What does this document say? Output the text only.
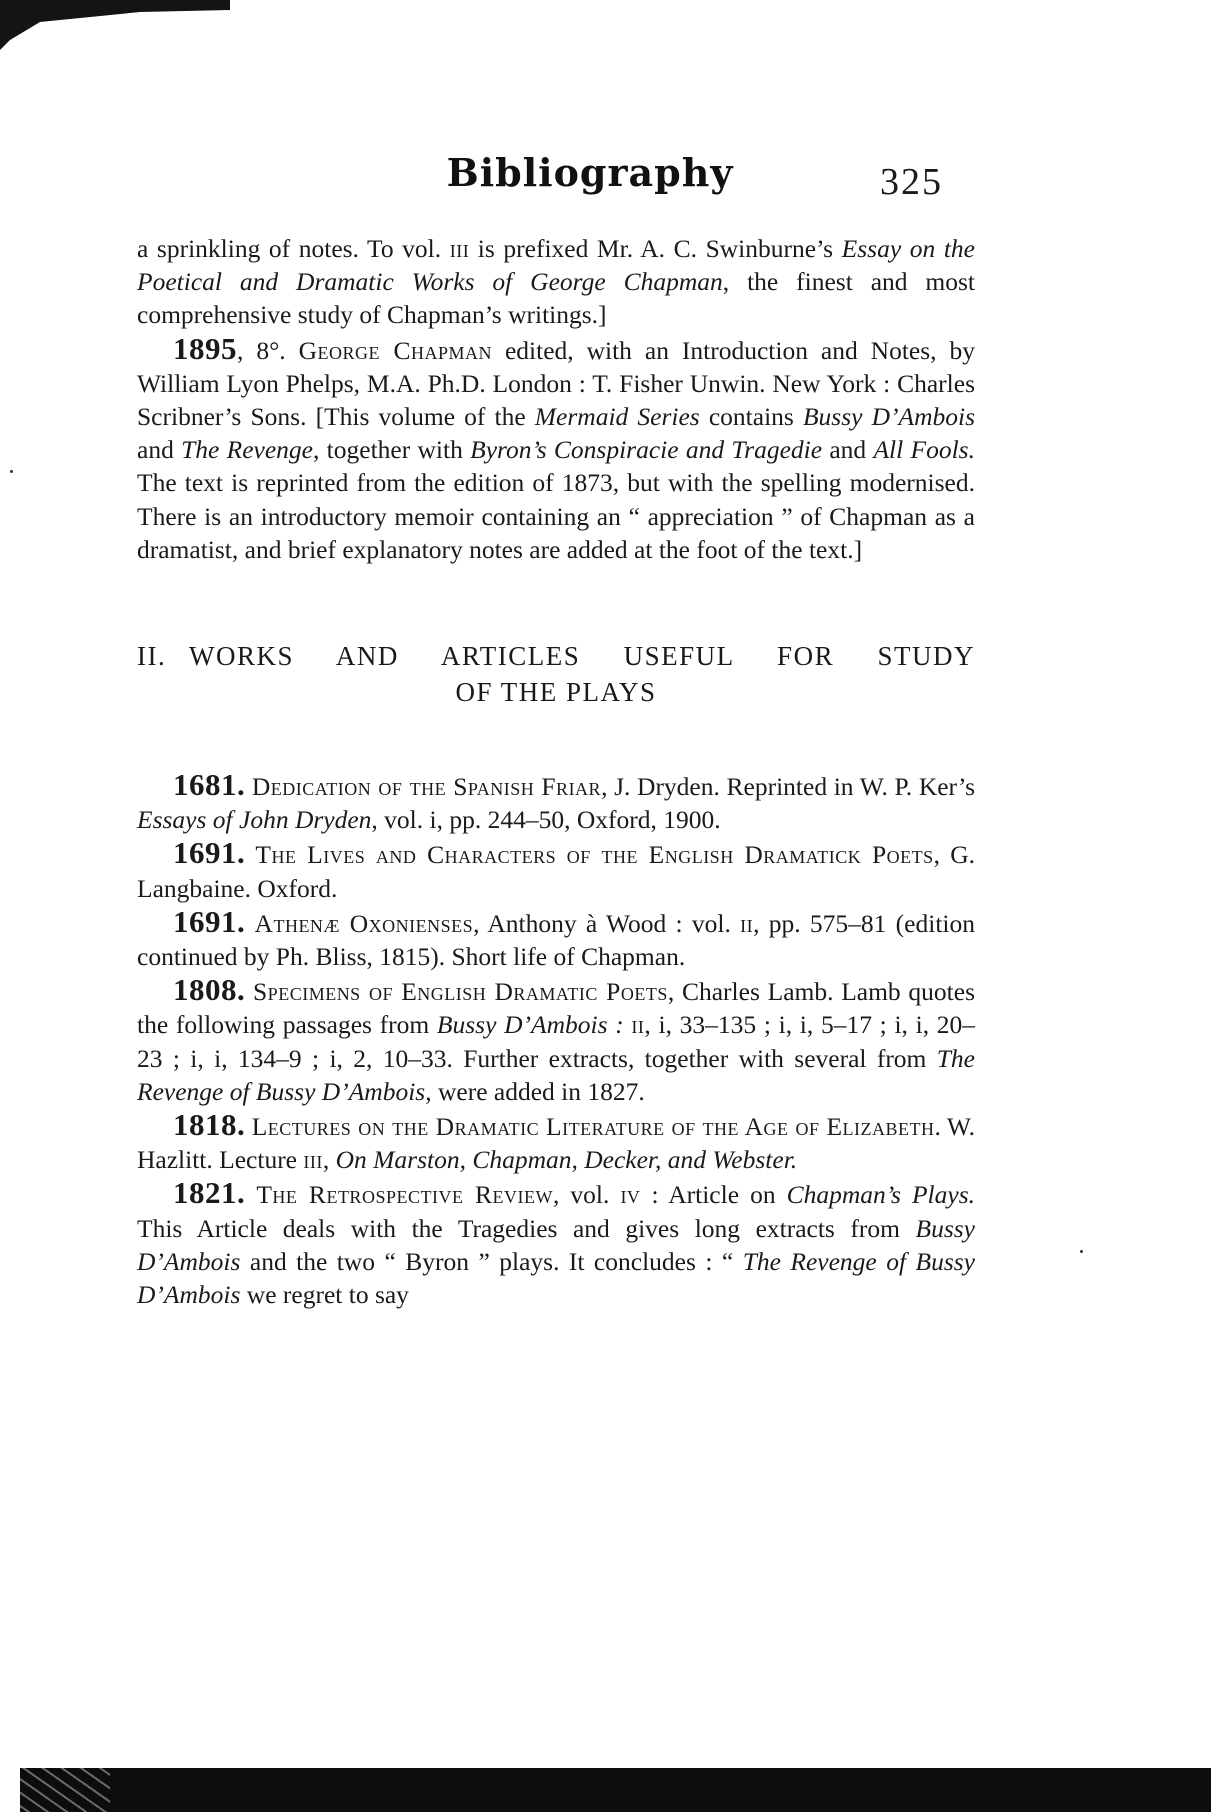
Bibliography	325

a sprinkling of notes. To vol. iii is prefixed Mr. A. C. Swinburne’s Essay on the Poetical and Dramatic Works of George Chapman, the finest and most comprehensive study of Chapman’s writings.]

1895, 8°. George Chapman edited, with an Introduction and Notes, by William Lyon Phelps, M.A. Ph.D. London : T. Fisher Unwin. New York : Charles Scribner’s Sons. [This volume of the Mermaid Series contains Bussy D’Ambois and The Revenge, together with Byron’s Conspiracie and Tragedie and All Fools. The text is reprinted from the edition of 1873, but with the spelling modernised. There is an introductory memoir containing an “ appreciation ” of Chapman as a dramatist, and brief explanatory notes are added at the foot of the text.]

II. WORKS AND ARTICLES USEFUL FOR STUDY
OF THE PLAYS

1681. Dedication of the Spanish Friar, J. Dryden. Reprinted in W. P. Ker’s Essays of John Dryden, vol. i, pp. 244–50, Oxford, 1900.

1691. The Lives and Characters of the English Dramatick Poets, G. Langbaine. Oxford.

1691. Athenæ Oxonienses, Anthony à Wood : vol. ii, pp. 575–81 (edition continued by Ph. Bliss, 1815). Short life of Chapman.

1808. Specimens of English Dramatic Poets, Charles Lamb. Lamb quotes the following passages from Bussy D’Ambois : ii, i, 33–135 ; i, i, 5–17 ; i, i, 20–23 ; i, i, 134–9 ; i, 2, 10–33. Further extracts, together with several from The Revenge of Bussy D’Ambois, were added in 1827.

1818. Lectures on the Dramatic Literature of the Age of Elizabeth. W. Hazlitt. Lecture iii, On Marston, Chapman, Decker, and Webster.

1821. The Retrospective Review, vol. iv : Article on Chapman’s Plays. This Article deals with the Tragedies and gives long extracts from Bussy D’Ambois and the two “ Byron ” plays. It concludes : “ The Revenge of Bussy D’Ambois we regret to say
